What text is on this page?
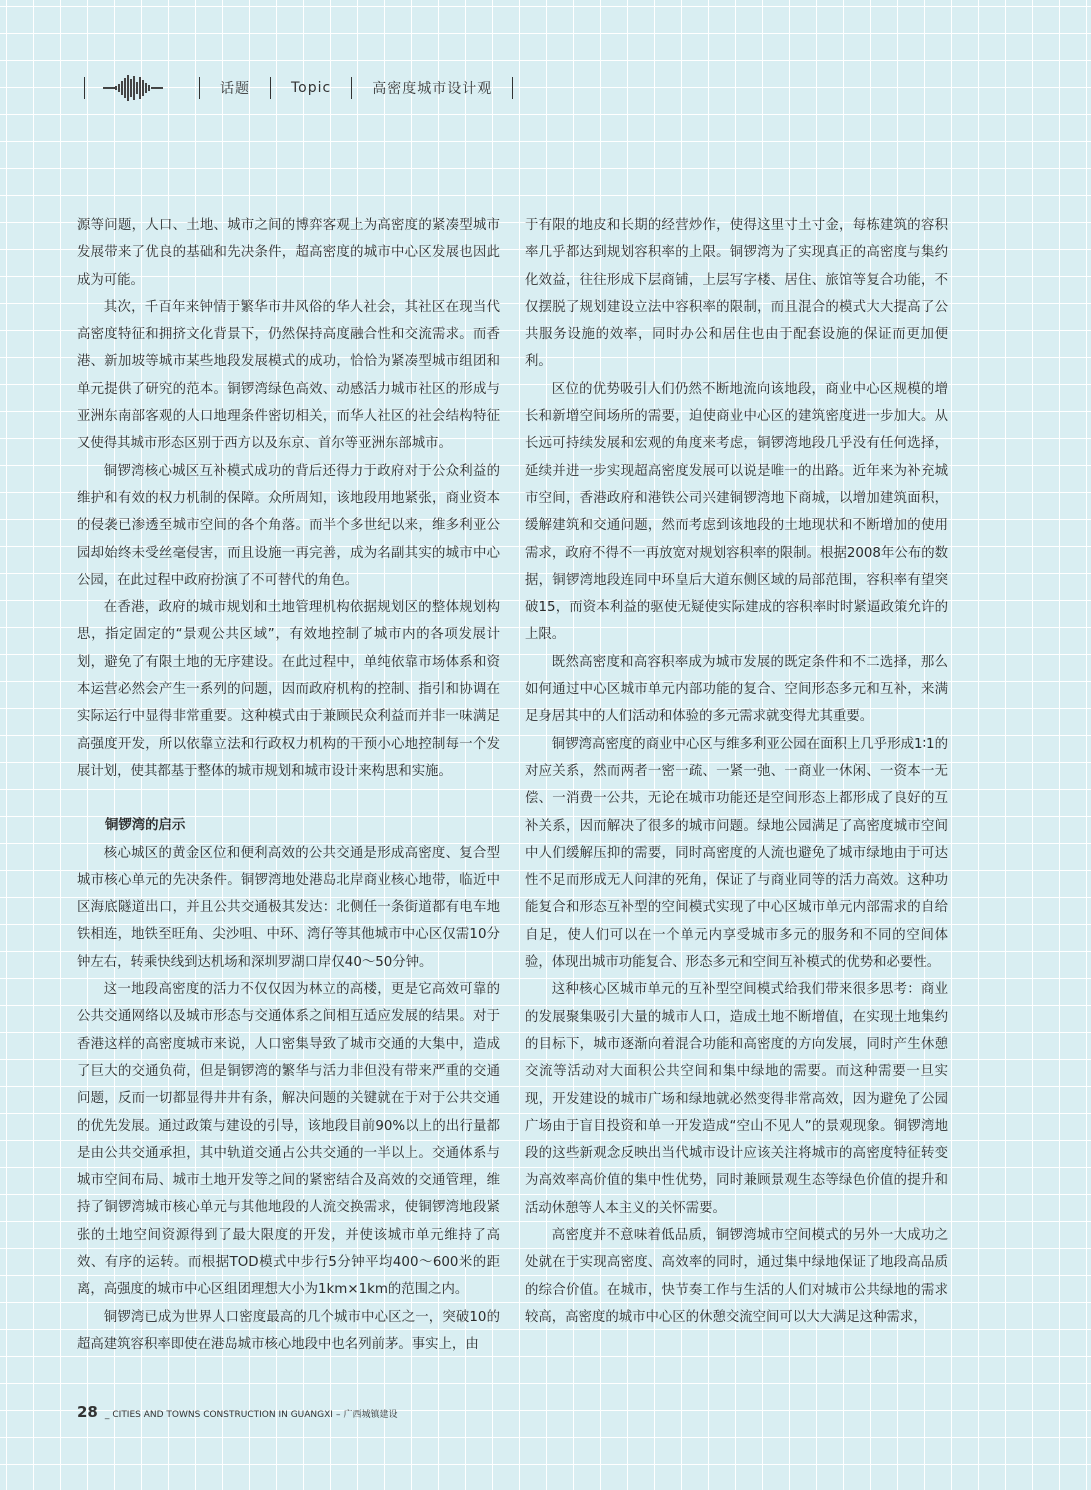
话题	Topic	高密度城市设计观

源等问题，人口、土地、城市之间的博弈客观上为高密度的紧凑型城市发展带来了优良的基础和先决条件，超高密度的城市中心区发展也因此成为可能。

其次，千百年来钟情于繁华市井风俗的华人社会，其社区在现当代高密度特征和拥挤文化背景下，仍然保持高度融合性和交流需求。而香港、新加坡等城市某些地段发展模式的成功，恰恰为紧凑型城市组团和单元提供了研究的范本。铜锣湾绿色高效、动感活力城市社区的形成与亚洲东南部客观的人口地理条件密切相关，而华人社区的社会结构特征又使得其城市形态区别于西方以及东京、首尔等亚洲东部城市。

铜锣湾核心城区互补模式成功的背后还得力于政府对于公众利益的维护和有效的权力机制的保障。众所周知，该地段用地紧张，商业资本的侵袭已渗透至城市空间的各个角落。而半个多世纪以来，维多利亚公园却始终未受丝毫侵害，而且设施一再完善，成为名副其实的城市中心公园，在此过程中政府扮演了不可替代的角色。

在香港，政府的城市规划和土地管理机构依据规划区的整体规划构思，指定固定的“景观公共区域”，有效地控制了城市内的各项发展计划，避免了有限土地的无序建设。在此过程中，单纯依靠市场体系和资本运营必然会产生一系列的问题，因而政府机构的控制、指引和协调在实际运行中显得非常重要。这种模式由于兼顾民众利益而并非一味满足高强度开发，所以依靠立法和行政权力机构的干预小心地控制每一个发展计划，使其都基于整体的城市规划和城市设计来构思和实施。

铜锣湾的启示

核心城区的黄金区位和便利高效的公共交通是形成高密度、复合型城市核心单元的先决条件。铜锣湾地处港岛北岸商业核心地带，临近中区海底隧道出口，并且公共交通极其发达：北侧任一条街道都有电车地铁相连，地铁至旺角、尖沙咀、中环、湾仔等其他城市中心区仅需10分钟左右，转乘快线到达机场和深圳罗湖口岸仅40～50分钟。

这一地段高密度的活力不仅仅因为林立的高楼，更是它高效可靠的公共交通网络以及城市形态与交通体系之间相互适应发展的结果。对于香港这样的高密度城市来说，人口密集导致了城市交通的大集中，造成了巨大的交通负荷，但是铜锣湾的繁华与活力非但没有带来严重的交通问题，反而一切都显得井井有条，解决问题的关键就在于对于公共交通的优先发展。通过政策与建设的引导，该地段目前90%以上的出行量都是由公共交通承担，其中轨道交通占公共交通的一半以上。交通体系与城市空间布局、城市土地开发等之间的紧密结合及高效的交通管理，维持了铜锣湾城市核心单元与其他地段的人流交换需求，使铜锣湾地段紧张的土地空间资源得到了最大限度的开发，并使该城市单元维持了高效、有序的运转。而根据TOD模式中步行5分钟平均400～600米的距离，高强度的城市中心区组团理想大小为1km×1km的范围之内。

铜锣湾已成为世界人口密度最高的几个城市中心区之一，突破10的超高建筑容积率即使在港岛城市核心地段中也名列前茅。事实上，由

于有限的地皮和长期的经营炒作，使得这里寸土寸金，每栋建筑的容积率几乎都达到规划容积率的上限。铜锣湾为了实现真正的高密度与集约化效益，往往形成下层商铺，上层写字楼、居住、旅馆等复合功能，不仅摆脱了规划建设立法中容积率的限制，而且混合的模式大大提高了公共服务设施的效率，同时办公和居住也由于配套设施的保证而更加便利。

区位的优势吸引人们仍然不断地流向该地段，商业中心区规模的增长和新增空间场所的需要，迫使商业中心区的建筑密度进一步加大。从长远可持续发展和宏观的角度来考虑，铜锣湾地段几乎没有任何选择，延续并进一步实现超高密度发展可以说是唯一的出路。近年来为补充城市空间，香港政府和港铁公司兴建铜锣湾地下商城，以增加建筑面积，缓解建筑和交通问题，然而考虑到该地段的土地现状和不断增加的使用需求，政府不得不一再放宽对规划容积率的限制。根据2008年公布的数据，铜锣湾地段连同中环皇后大道东侧区域的局部范围，容积率有望突破15，而资本利益的驱使无疑使实际建成的容积率时时紧逼政策允许的上限。

既然高密度和高容积率成为城市发展的既定条件和不二选择，那么如何通过中心区城市单元内部功能的复合、空间形态多元和互补，来满足身居其中的人们活动和体验的多元需求就变得尤其重要。

铜锣湾高密度的商业中心区与维多利亚公园在面积上几乎形成1∶1的对应关系，然而两者一密一疏、一紧一弛、一商业一休闲、一资本一无偿、一消费一公共，无论在城市功能还是空间形态上都形成了良好的互补关系，因而解决了很多的城市问题。绿地公园满足了高密度城市空间中人们缓解压抑的需要，同时高密度的人流也避免了城市绿地由于可达性不足而形成无人问津的死角，保证了与商业同等的活力高效。这种功能复合和形态互补型的空间模式实现了中心区城市单元内部需求的自给自足，使人们可以在一个单元内享受城市多元的服务和不同的空间体验，体现出城市功能复合、形态多元和空间互补模式的优势和必要性。

这种核心区城市单元的互补型空间模式给我们带来很多思考：商业的发展聚集吸引大量的城市人口，造成土地不断增值，在实现土地集约的目标下，城市逐渐向着混合功能和高密度的方向发展，同时产生休憩交流等活动对大面积公共空间和集中绿地的需要。而这种需要一旦实现，开发建设的城市广场和绿地就必然变得非常高效，因为避免了公园广场由于盲目投资和单一开发造成“空山不见人”的景观现象。铜锣湾地段的这些新观念反映出当代城市设计应该关注将城市的高密度特征转变为高效率高价值的集中性优势，同时兼顾景观生态等绿色价值的提升和活动休憩等人本主义的关怀需要。

高密度并不意味着低品质，铜锣湾城市空间模式的另外一大成功之处就在于实现高密度、高效率的同时，通过集中绿地保证了地段高品质的综合价值。在城市，快节奏工作与生活的人们对城市公共绿地的需求较高，高密度的城市中心区的休憩交流空间可以大大满足这种需求，

28 _ CITIES AND TOWNS CONSTRUCTION IN GUANGXI – 广西城镇建设
